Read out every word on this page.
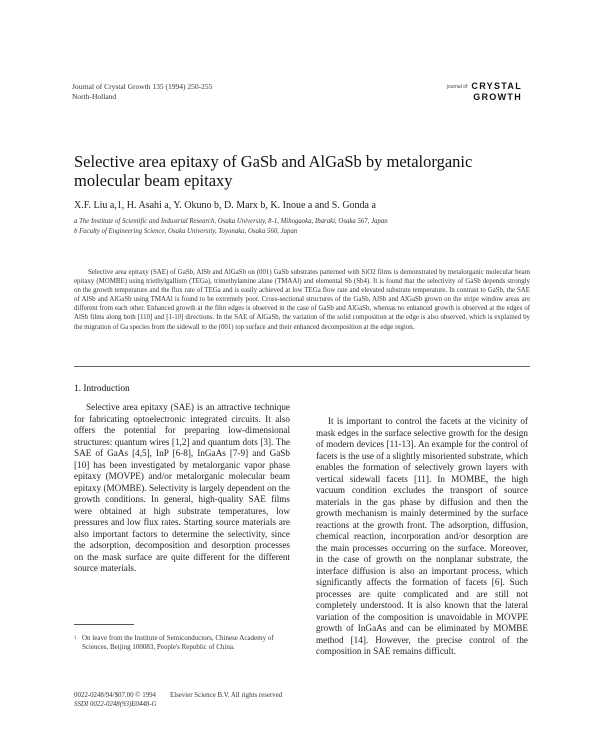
Journal of Crystal Growth 135 (1994) 250-255
North-Holland
journal of CRYSTAL
GROWTH
Selective area epitaxy of GaSb and AlGaSb by metalorganic molecular beam epitaxy
X.F. Liu a,1, H. Asahi a, Y. Okuno b, D. Marx b, K. Inoue a and S. Gonda a
a The Institute of Scientific and Industrial Research, Osaka University, 8-1, Mihogaoka, Ibaraki, Osaka 567, Japan
b Faculty of Engineering Science, Osaka University, Toyonaka, Osaka 560, Japan
Selective area epitaxy (SAE) of GaSb, AlSb and AlGaSb on (001) GaSb substrates patterned with SiO2 films is demonstrated by metalorganic molecular beam epitaxy (MOMBE) using triethylgallium (TEGa), trimethylamine alane (TMAAl) and elemental Sb (Sb4). It is found that the selectivity of GaSb depends strongly on the growth temperature and the flux rate of TEGa and is easily achieved at low TEGa flow rate and elevated substrate temperature. In contrast to GaSb, the SAE of AlSb and AlGaSb using TMAAl is found to be extremely poor. Cross-sectional structures of the GaSb, AlSb and AlGaSb grown on the stripe window areas are different from each other. Enhanced growth at the film edges is observed in the case of GaSb and AlGaSb, whereas no enhanced growth is observed at the edges of AlSb films along both [110] and [1-10] directions. In the SAE of AlGaSb, the variation of the solid composition at the edge is also observed, which is explained by the migration of Ga species from the sidewall to the (001) top surface and their enhanced decomposition at the edge region.
1. Introduction

Selective area epitaxy (SAE) is an attractive technique for fabricating optoelectronic integrated circuits. It also offers the potential for preparing low-dimensional structures: quantum wires [1,2] and quantum dots [3]. The SAE of GaAs [4,5], InP [6-8], InGaAs [7-9] and GaSb [10] has been investigated by metalorganic vapor phase epitaxy (MOVPE) and/or metalorganic molecular beam epitaxy (MOMBE). Selectivity is largely dependent on the growth conditions. In general, high-quality SAE films were obtained at high substrate temperatures, low pressures and low flux rates. Starting source materials are also important factors to determine the selectivity, since the adsorption, decomposition and desorption processes on the mask surface are quite different for the different source materials.

It is important to control the facets at the vicinity of mask edges in the surface selective growth for the design of modern devices [11-13]. An example for the control of facets is the use of a slightly misoriented substrate, which enables the formation of selectively grown layers with vertical sidewall facets [11]. In MOMBE, the high vacuum condition excludes the transport of source materials in the gas phase by diffusion and then the growth mechanism is mainly determined by the surface reactions at the growth front. The adsorption, diffusion, chemical reaction, incorporation and/or desorption are the main processes occurring on the surface. Moreover, in the case of growth on the nonplanar substrate, the interface diffusion is also an important process, which significantly affects the formation of facets [6]. Such processes are quite complicated and are still not completely understood. It is also known that the lateral variation of the composition is unavoidable in MOVPE growth of InGaAs and can be eliminated by MOMBE method [14]. However, the precise control of the composition in SAE remains difficult.

1 On leave from the Institute of Semiconductors, Chinese Academy of Sciences, Beijing 100083, People's Republic of China.
0022-0248/94/$07.00 © 1994 Elsevier Science B.V. All rights reserved
SSDI 0022-0248(93)E0448-G
